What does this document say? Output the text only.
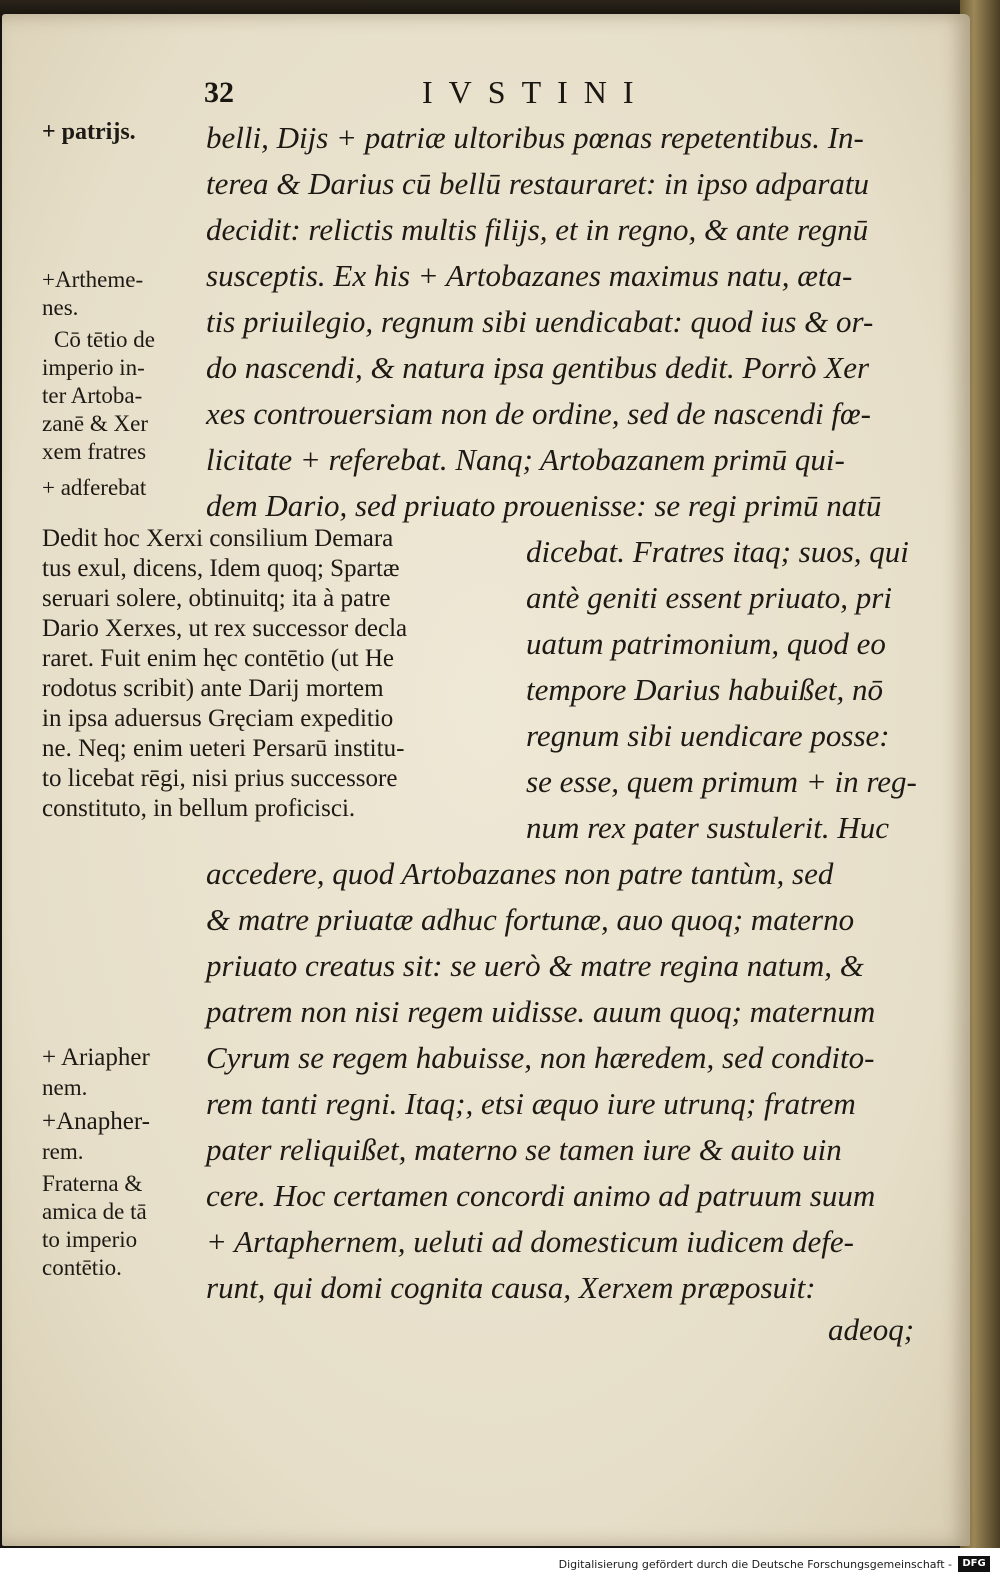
32	IVSTINI
belli, Dijs + patriæ ultoribus pœnas repetentibus. In-
terea & Darius cū bellū restauraret: in ipso adparatu
decidit: relictis multis filijs, et in regno, & ante regnū
susceptis. Ex his + Artobazanes maximus natu, æta-
tis priuilegio, regnum sibi uendicabat: quod ius & or-
do nascendi, & natura ipsa gentibus dedit. Porrò Xer
xes controuersiam non de ordine, sed de nascendi fœ-
licitate + referebat. Nanq; Artobazanem primū qui-
dem Dario, sed priuato prouenisse: se regi primū natū
dicebat. Fratres itaq; suos, qui
antè geniti essent priuato, pri
uatum patrimonium, quod eo
tempore Darius habuißet, nō
regnum sibi uendicare posse:
se esse, quem primum + in reg-
num rex pater sustulerit. Huc
accedere, quod Artobazanes non patre tantùm, sed
& matre priuatæ adhuc fortunæ, auo quoq; materno
priuato creatus sit: se uerò & matre regina natum, &
patrem non nisi regem uidisse. auum quoq; maternum
Cyrum se regem habuisse, non hæredem, sed condito-
rem tanti regni. Itaq;, etsi æquo iure utrunq; fratrem
pater reliquißet, materno se tamen iure & auito uin
cere. Hoc certamen concordi animo ad patruum suum
+ Artaphernem, ueluti ad domesticum iudicem defe-
runt, qui domi cognita causa, Xerxem præposuit:
adeoq;
+ patrijs.
+Artheme-
nes.
Cō tētio de
imperio in-
ter Artoba-
zanē & Xer
xem fratres
+ adferebat
Dedit hoc Xerxi consilium Demara
tus exul, dicens, Idem quoq; Spartæ
seruari solere, obtinuitq; ita à patre
Dario Xerxes, ut rex successor decla
raret. Fuit enim hęc contētio (ut He
rodotus scribit) ante Darij mortem
in ipsa aduersus Gręciam expeditio
ne. Neq; enim ueteri Persarū institu-
to licebat rēgi, nisi prius successore
constituto, in bellum proficisci.
+ Ariapher
nem.
+Anapher-
rem.
Fraterna &
amica de tā
to imperio
contētio.
Digitalisierung gefördert durch die Deutsche Forschungsgemeinschaft -	DFG
